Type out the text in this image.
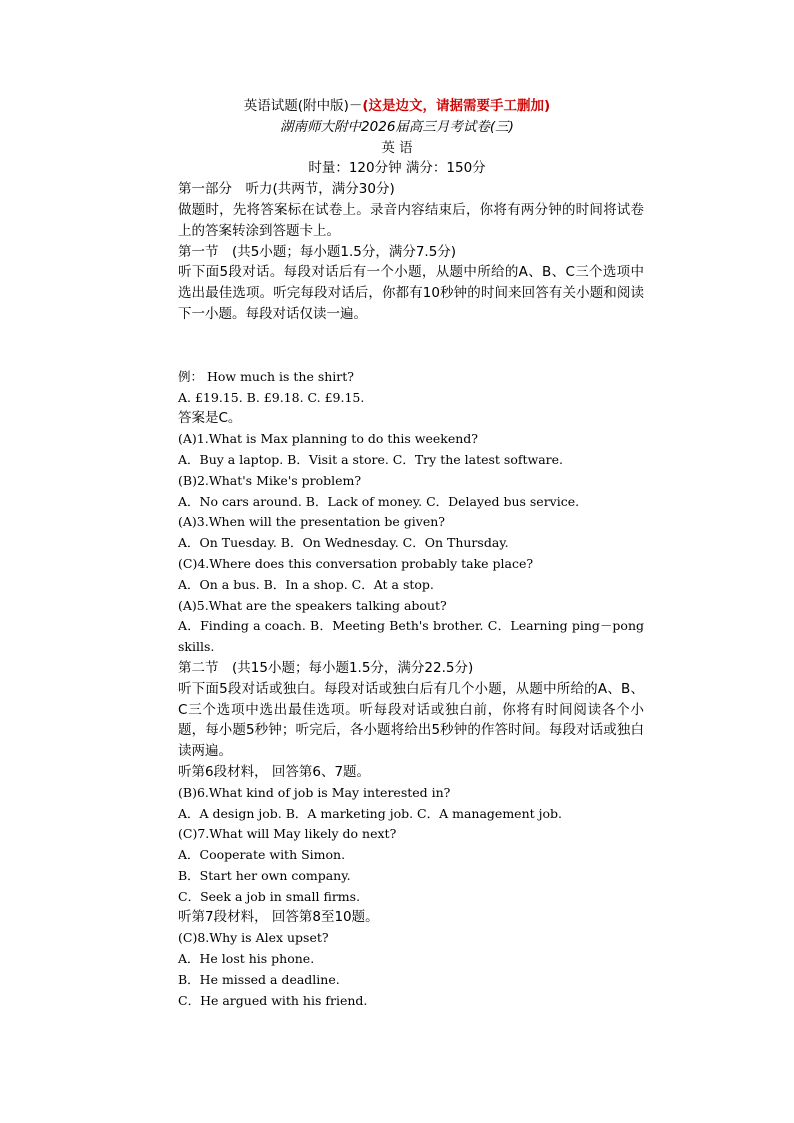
英语试题(附中版)－(这是边文，请据需要手工删加)
湖南师大附中2026届高三月考试卷(三)
英 语
时量：120分钟 满分：150分
第一部分　听力(共两节，满分30分)
做题时，先将答案标在试卷上。录音内容结束后，你将有两分钟的时间将试卷上的答案转涂到答题卡上。
第一节　(共5小题；每小题1.5分，满分7.5分)
听下面5段对话。每段对话后有一个小题，从题中所给的A、B、C三个选项中选出最佳选项。听完每段对话后，你都有10秒钟的时间来回答有关小题和阅读下一小题。每段对话仅读一遍。
例： How much is the shirt?
A. £19.15. B. £9.18. C. £9.15.
答案是C。
(A)1.What is Max planning to do this weekend?
A．Buy a laptop. B．Visit a store. C．Try the latest software.
(B)2.What's Mike's problem?
A．No cars around. B．Lack of money. C．Delayed bus service.
(A)3.When will the presentation be given?
A．On Tuesday. B．On Wednesday. C．On Thursday.
(C)4.Where does this conversation probably take place?
A．On a bus. B．In a shop. C．At a stop.
(A)5.What are the speakers talking about?
A．Finding a coach. B．Meeting Beth's brother. C．Learning ping－pong skills.
第二节　(共15小题；每小题1.5分，满分22.5分)
听下面5段对话或独白。每段对话或独白后有几个小题，从题中所给的A、B、C三个选项中选出最佳选项。听每段对话或独白前，你将有时间阅读各个小题，每小题5秒钟；听完后，各小题将给出5秒钟的作答时间。每段对话或独白读两遍。
听第6段材料， 回答第6、7题。
(B)6.What kind of job is May interested in?
A．A design job. B．A marketing job. C．A management job.
(C)7.What will May likely do next?
A．Cooperate with Simon.
B．Start her own company.
C．Seek a job in small firms.
听第7段材料， 回答第8至10题。
(C)8.Why is Alex upset?
A．He lost his phone.
B．He missed a deadline.
C．He argued with his friend.
